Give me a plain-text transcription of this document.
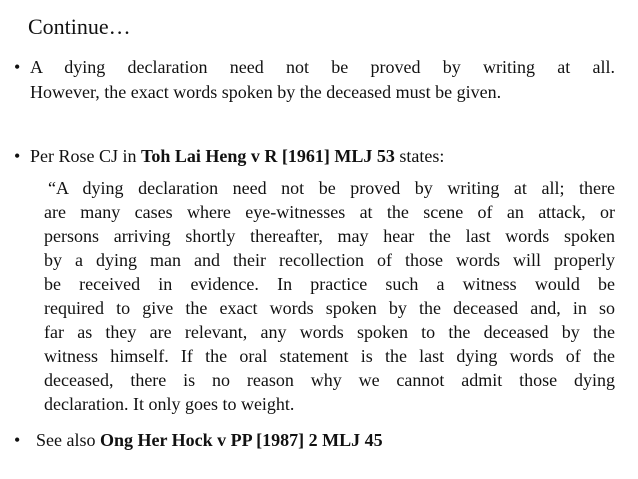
Continue…
• A dying declaration need not be proved by writing at all.
However, the exact words spoken by the deceased must be given.
• Per Rose CJ in Toh Lai Heng v R [1961] MLJ 53 states:
“A dying declaration need not be proved by writing at all; there
are many cases where eye-witnesses at the scene of an attack, or
persons arriving shortly thereafter, may hear the last words spoken
by a dying man and their recollection of those words will properly
be received in evidence. In practice such a witness would be
required to give the exact words spoken by the deceased and, in so
far as they are relevant, any words spoken to the deceased by the
witness himself. If the oral statement is the last dying words of the
deceased, there is no reason why we cannot admit those dying
declaration. It only goes to weight.
• See also Ong Her Hock v PP [1987] 2 MLJ 45
